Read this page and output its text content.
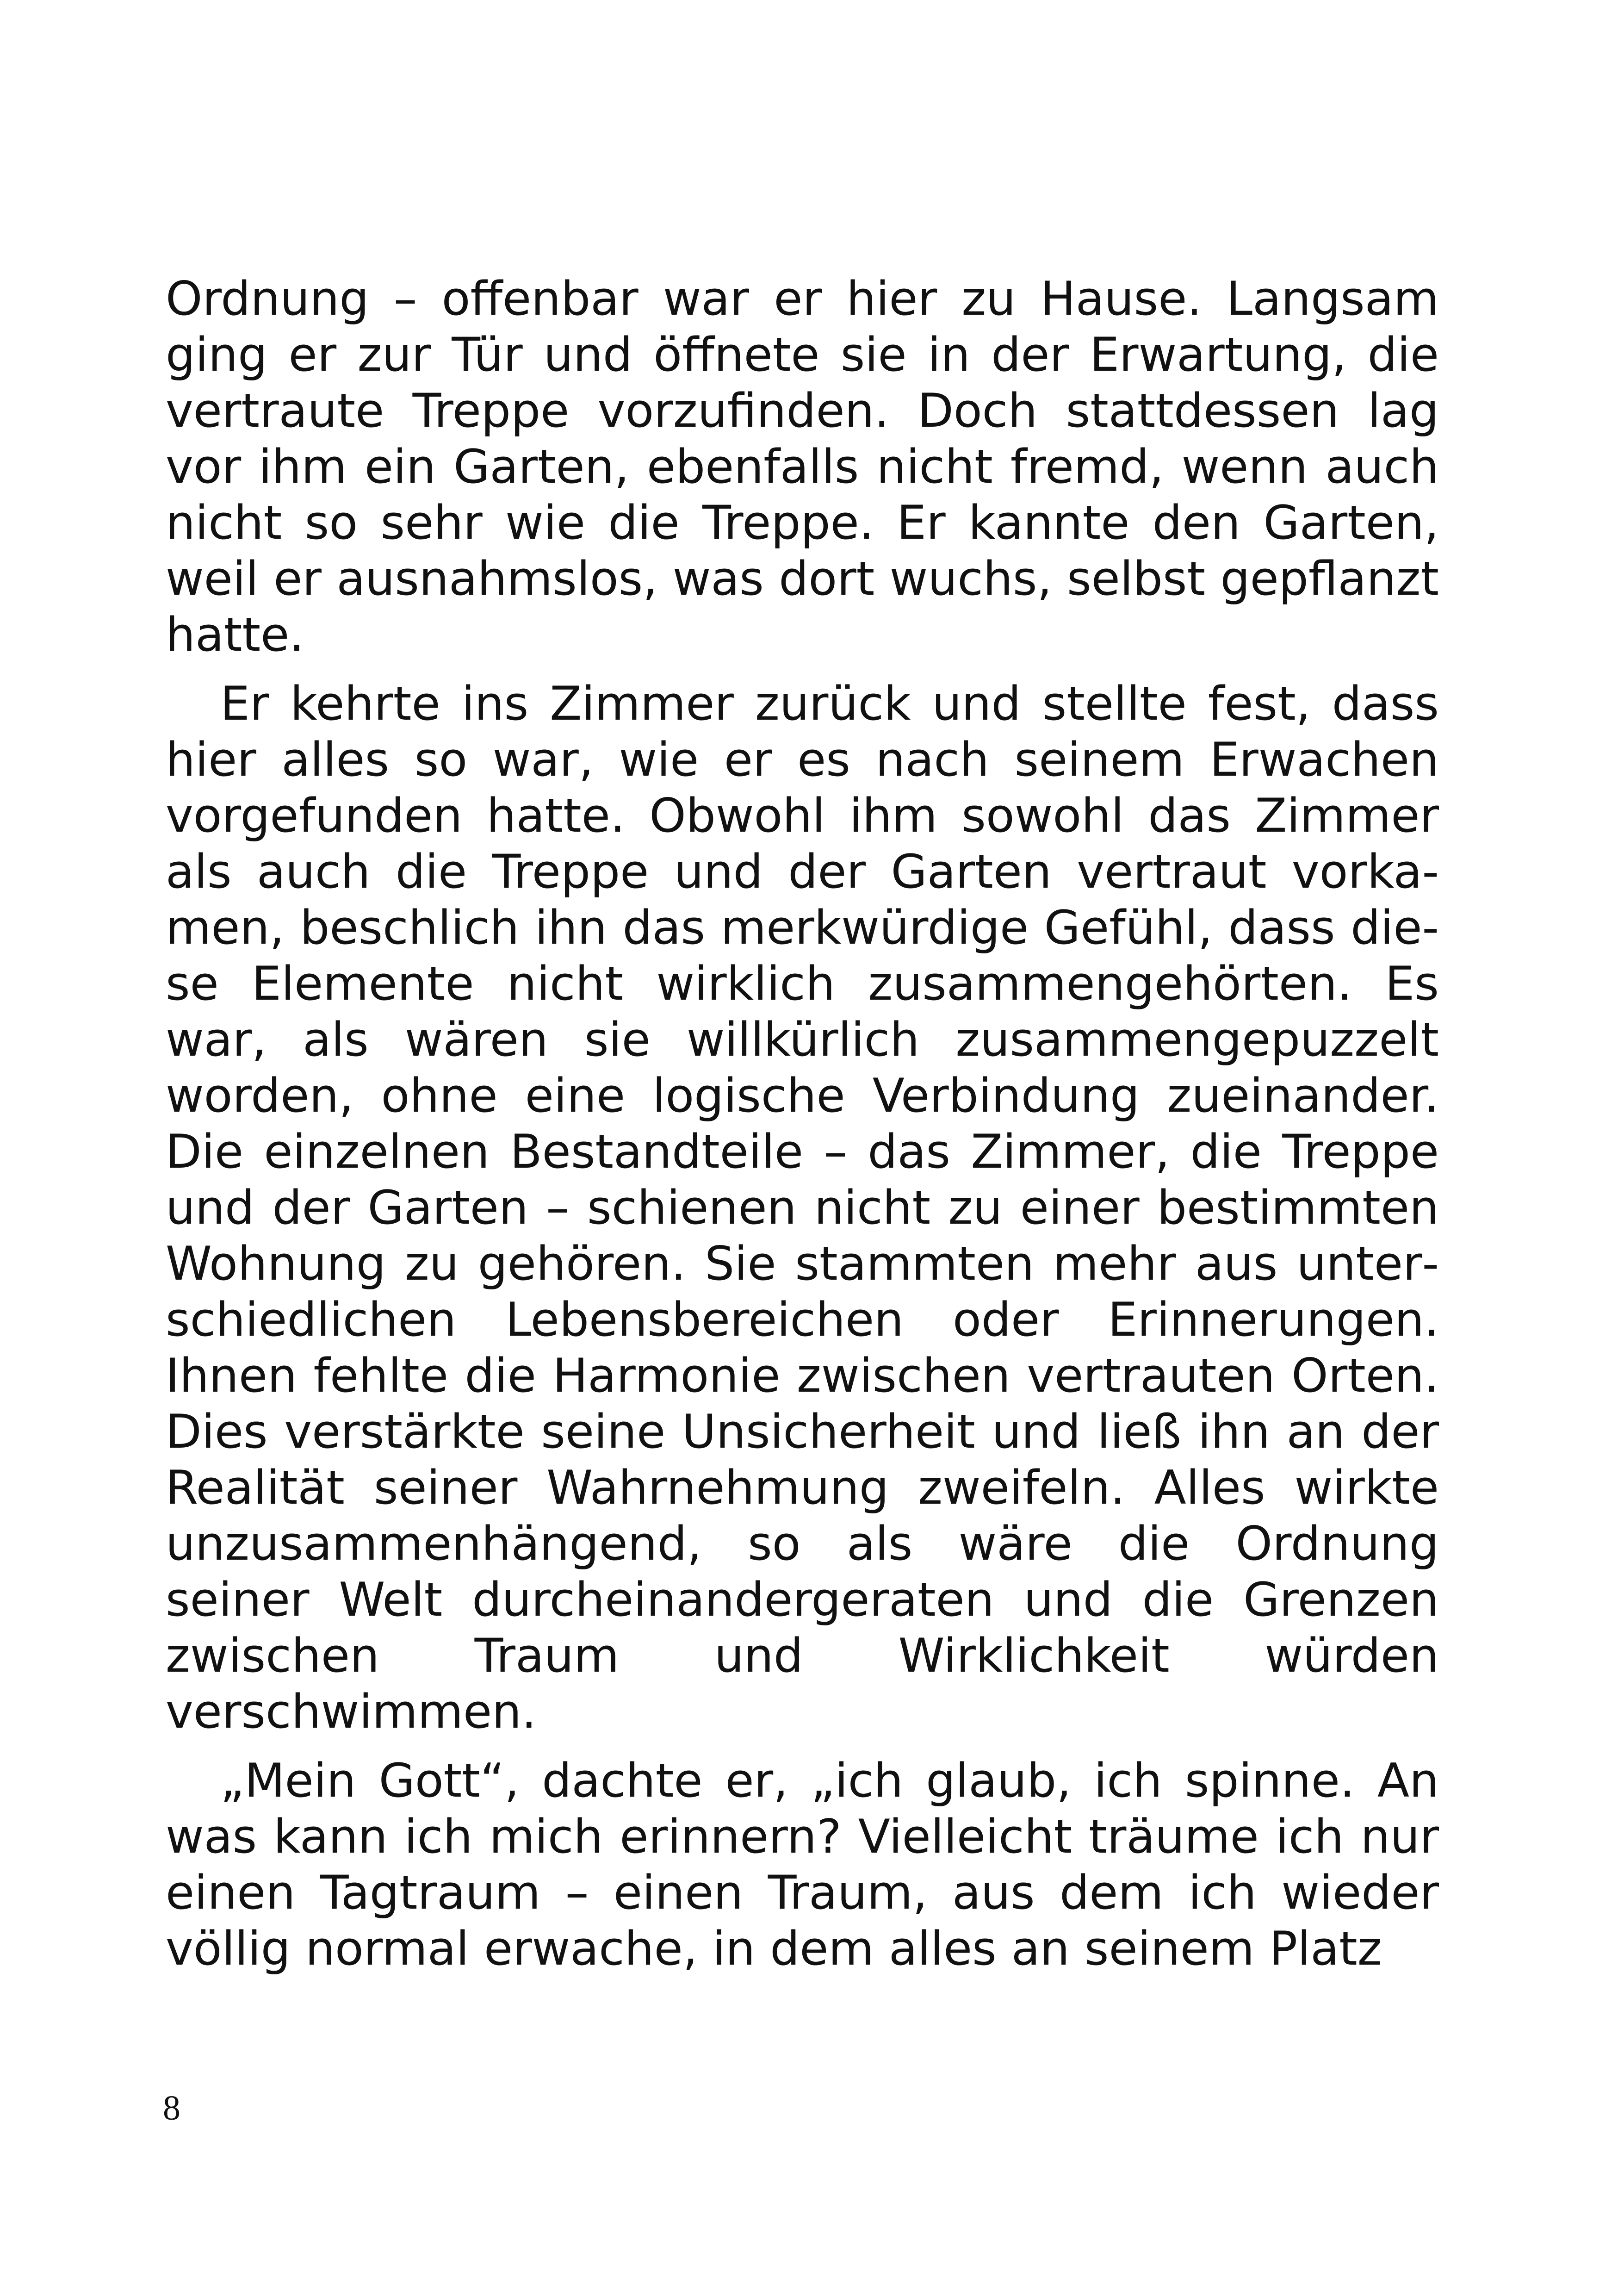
Ordnung – offenbar war er hier zu Hause. Langsam ging er zur Tür und öffnete sie in der Erwartung, die vertraute Treppe vorzufinden. Doch stattdessen lag vor ihm ein Garten, ebenfalls nicht fremd, wenn auch nicht so sehr wie die Treppe. Er kannte den Garten, weil er ausnahmslos, was dort wuchs, selbst gepflanzt hatte.

Er kehrte ins Zimmer zurück und stellte fest, dass hier alles so war, wie er es nach seinem Erwachen vorgefunden hatte. Obwohl ihm sowohl das Zimmer als auch die Treppe und der Garten vertraut vorkamen, beschlich ihn das merkwürdige Gefühl, dass diese Elemente nicht wirklich zusammengehörten. Es war, als wären sie willkürlich zusammengepuzzelt worden, ohne eine logische Verbindung zueinander. Die einzelnen Bestandteile – das Zimmer, die Treppe und der Garten – schienen nicht zu einer bestimmten Wohnung zu gehören. Sie stammten mehr aus unterschiedlichen Lebensbereichen oder Erinnerungen. Ihnen fehlte die Harmonie zwischen vertrauten Orten. Dies verstärkte seine Unsicherheit und ließ ihn an der Realität seiner Wahrnehmung zweifeln. Alles wirkte unzusammenhängend, so als wäre die Ordnung seiner Welt durcheinandergeraten und die Grenzen zwischen Traum und Wirklichkeit würden verschwimmen.

„Mein Gott“, dachte er, „ich glaub, ich spinne. An was kann ich mich erinnern? Vielleicht träume ich nur einen Tagtraum – einen Traum, aus dem ich wieder völlig normal erwache, in dem alles an seinem Platz

8
